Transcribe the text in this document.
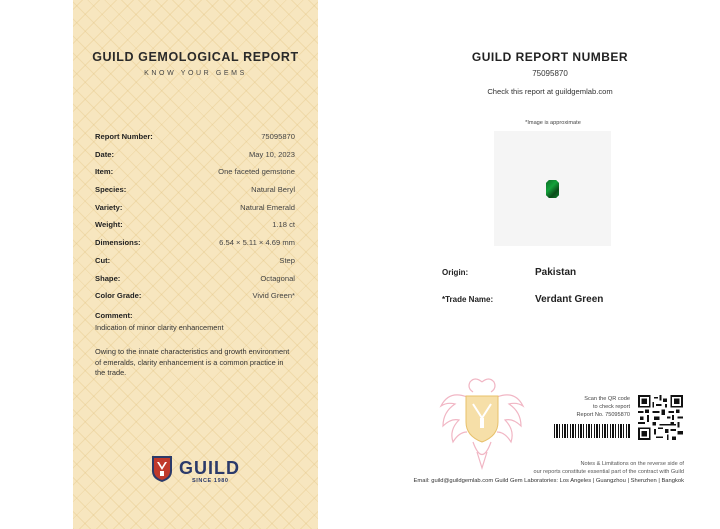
GUILD GEMOLOGICAL REPORT
KNOW YOUR GEMS
Report Number:	75095870
Date:	May 10, 2023
Item:	One faceted gemstone
Species:	Natural Beryl
Variety:	Natural Emerald
Weight:	1.18 ct
Dimensions:	6.54 × 5.11 × 4.69 mm
Cut:	Step
Shape:	Octagonal
Color Grade:	Vivid Green*
Comment:
Indication of minor clarity enhancement
Owing to the innate characteristics and growth environment of emeralds, clarity enhancement is a common practice in the trade.
GUILD
SINCE 1980
GUILD REPORT NUMBER
75095870
Check this report at guildgemlab.com
*Image is approximate
Origin:	Pakistan
*Trade Name:	Verdant Green
Scan the QR code
to check report
Report No. 75095870
Notes & Limitations on the reverse side of
our reports constitute essential part of the contract with Guild
Email: guild@guildgemlab.com Guild Gem Laboratories: Los Angeles | Guangzhou | Shenzhen | Bangkok
